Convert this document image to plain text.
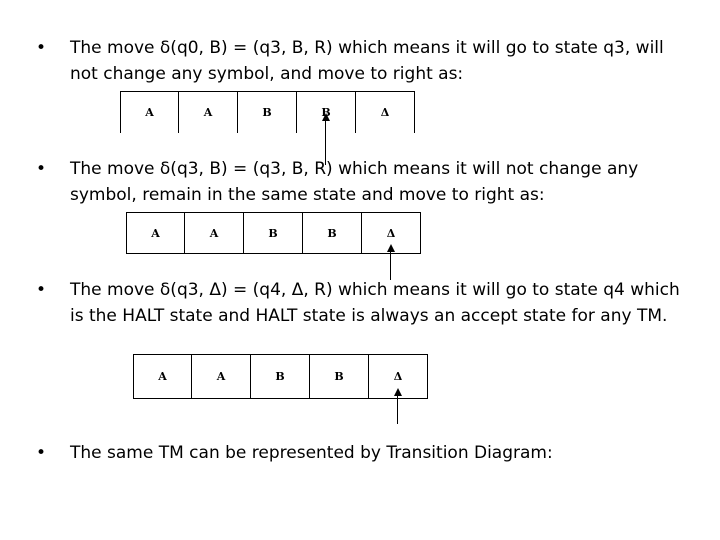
• The move δ(q0, B) = (q3, B, R) which means it will go to state q3, will not change any symbol, and move to right as:
A	A	B	B	Δ
• The move δ(q3, B) = (q3, B, R) which means it will not change any symbol, remain in the same state and move to right as:
A	A	B	B	Δ
• The move δ(q3, Δ) = (q4, Δ, R) which means it will go to state q4 which is the HALT state and HALT state is always an accept state for any TM.
A	A	B	B	Δ
• The same TM can be represented by Transition Diagram:
